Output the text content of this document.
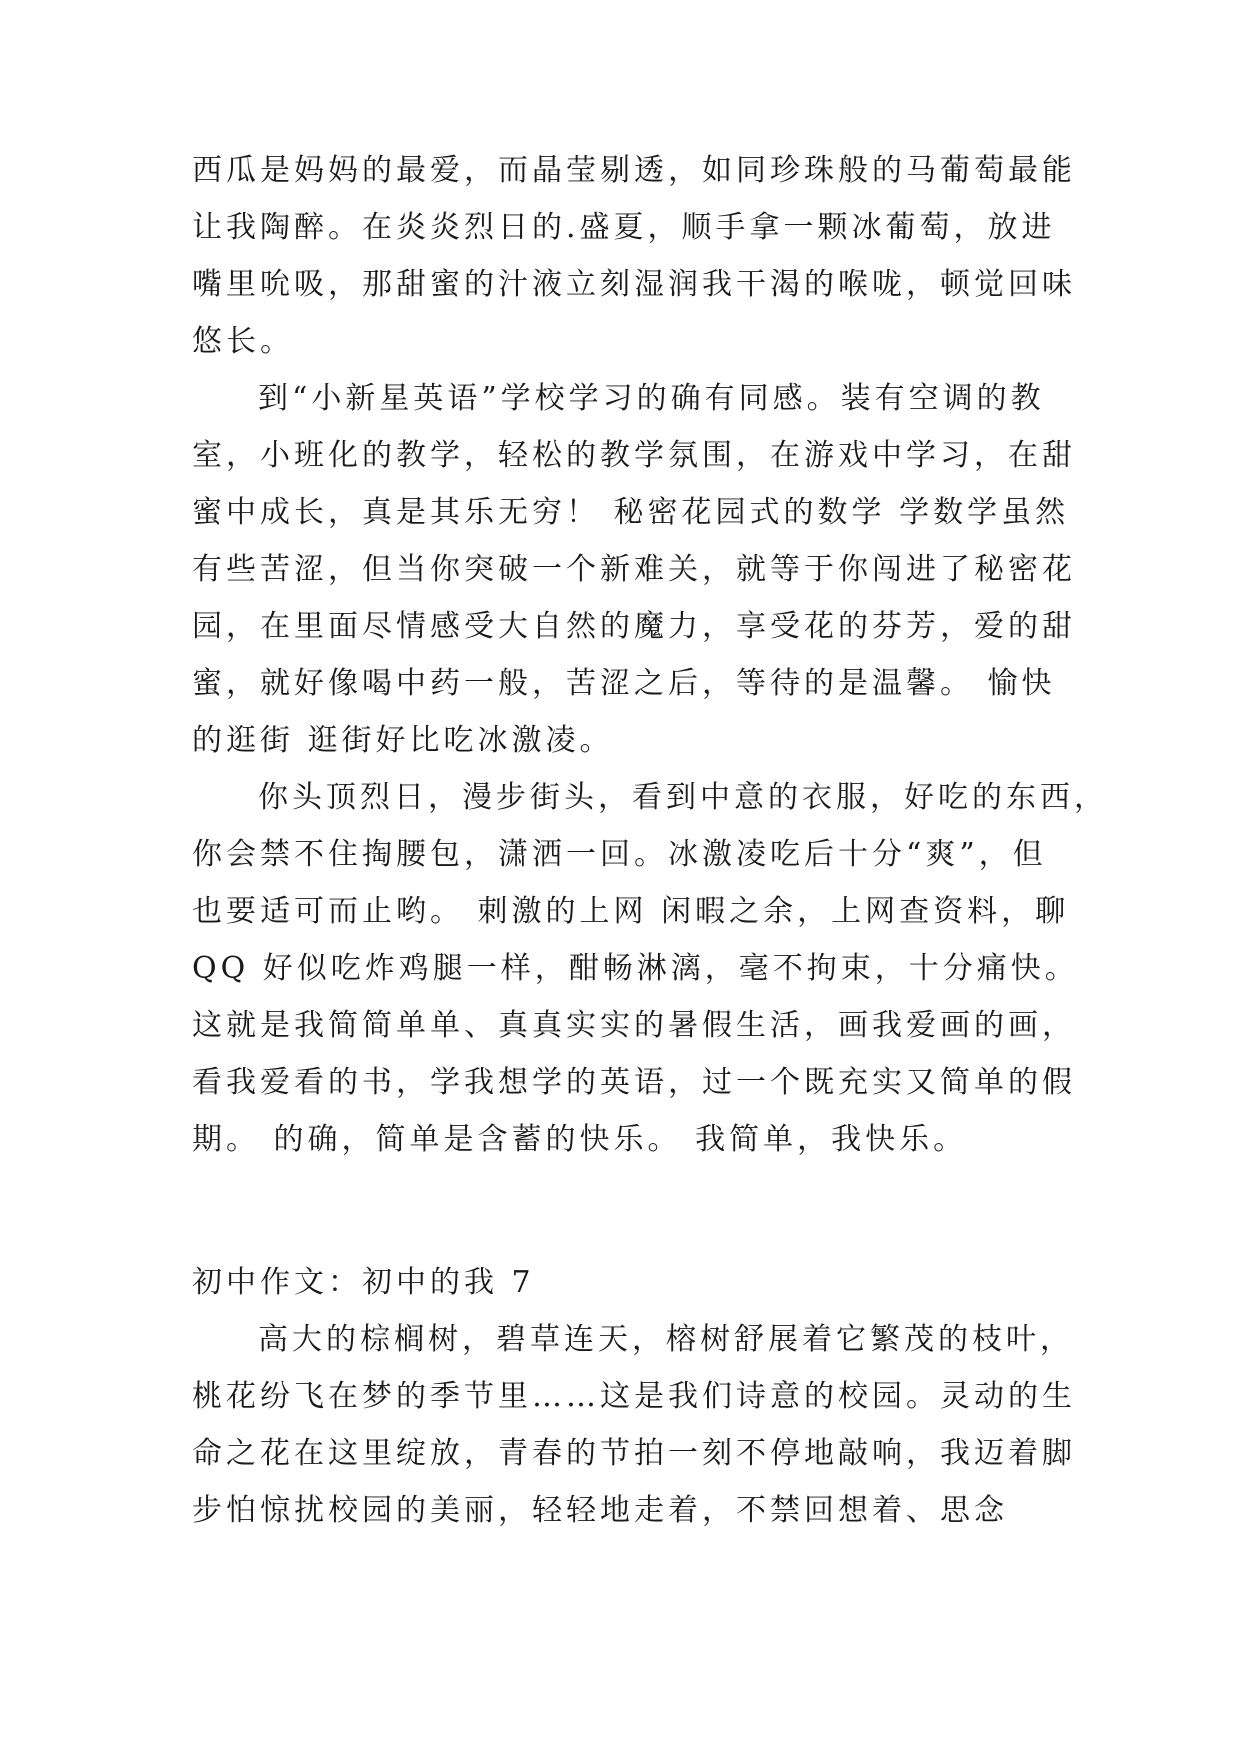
西瓜是妈妈的最爱，而晶莹剔透，如同珍珠般的马葡萄最能
让我陶醉。在炎炎烈日的.盛夏，顺手拿一颗冰葡萄，放进
嘴里吮吸，那甜蜜的汁液立刻湿润我干渴的喉咙，顿觉回味
悠长。
到“小新星英语”学校学习的确有同感。装有空调的教
室，小班化的教学，轻松的教学氛围，在游戏中学习，在甜
蜜中成长，真是其乐无穷！ 秘密花园式的数学 学数学虽然
有些苦涩，但当你突破一个新难关，就等于你闯进了秘密花
园，在里面尽情感受大自然的魔力，享受花的芬芳，爱的甜
蜜，就好像喝中药一般，苦涩之后，等待的是温馨。 愉快
的逛街 逛街好比吃冰激凌。
你头顶烈日，漫步街头，看到中意的衣服，好吃的东西，
你会禁不住掏腰包，潇洒一回。冰激凌吃后十分“爽”，但
也要适可而止哟。 刺激的上网 闲暇之余，上网查资料，聊
QQ 好似吃炸鸡腿一样，酣畅淋漓，毫不拘束，十分痛快。
这就是我简简单单、真真实实的暑假生活，画我爱画的画，
看我爱看的书，学我想学的英语，过一个既充实又简单的假
期。 的确，简单是含蓄的快乐。 我简单，我快乐。
初中作文：初中的我 7
高大的棕榈树，碧草连天，榕树舒展着它繁茂的枝叶，
桃花纷飞在梦的季节里……这是我们诗意的校园。灵动的生
命之花在这里绽放，青春的节拍一刻不停地敲响，我迈着脚
步怕惊扰校园的美丽，轻轻地走着，不禁回想着、思念
